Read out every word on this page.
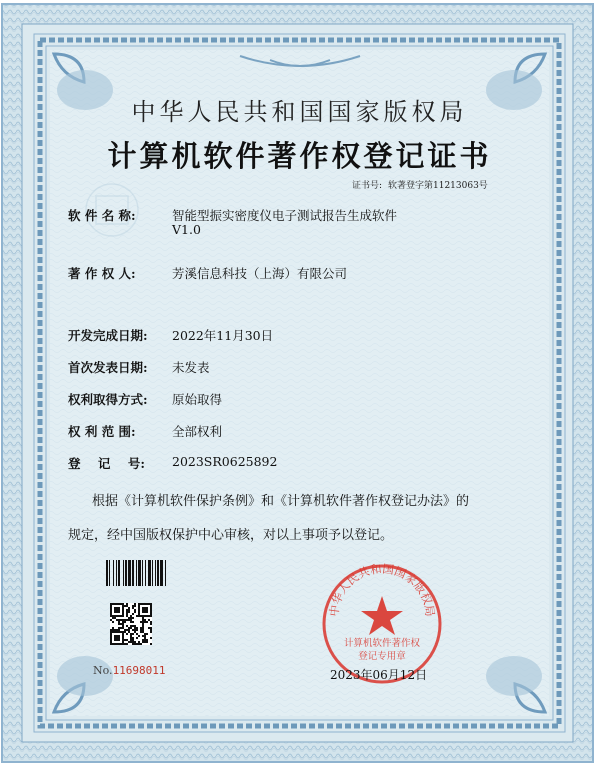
中华人民共和国国家版权局
计算机软件著作权登记证书
证书号: 软著登字第11213063号
软 件 名 称:	智能型振实密度仪电子测试报告生成软件
V1.0
著 作 权 人:	芳溪信息科技（上海）有限公司
开发完成日期: 2022年11月30日
首次发表日期: 未发表
权利取得方式: 原始取得
权 利 范 围:	全部权利
登    记    号: 2023SR0625892
根据《计算机软件保护条例》和《计算机软件著作权登记办法》的
规定，经中国版权保护中心审核，对以上事项予以登记。
No.11698011
中华人民共和国国家版权局
计算机软件著作权
登记专用章
2023年06月12日
